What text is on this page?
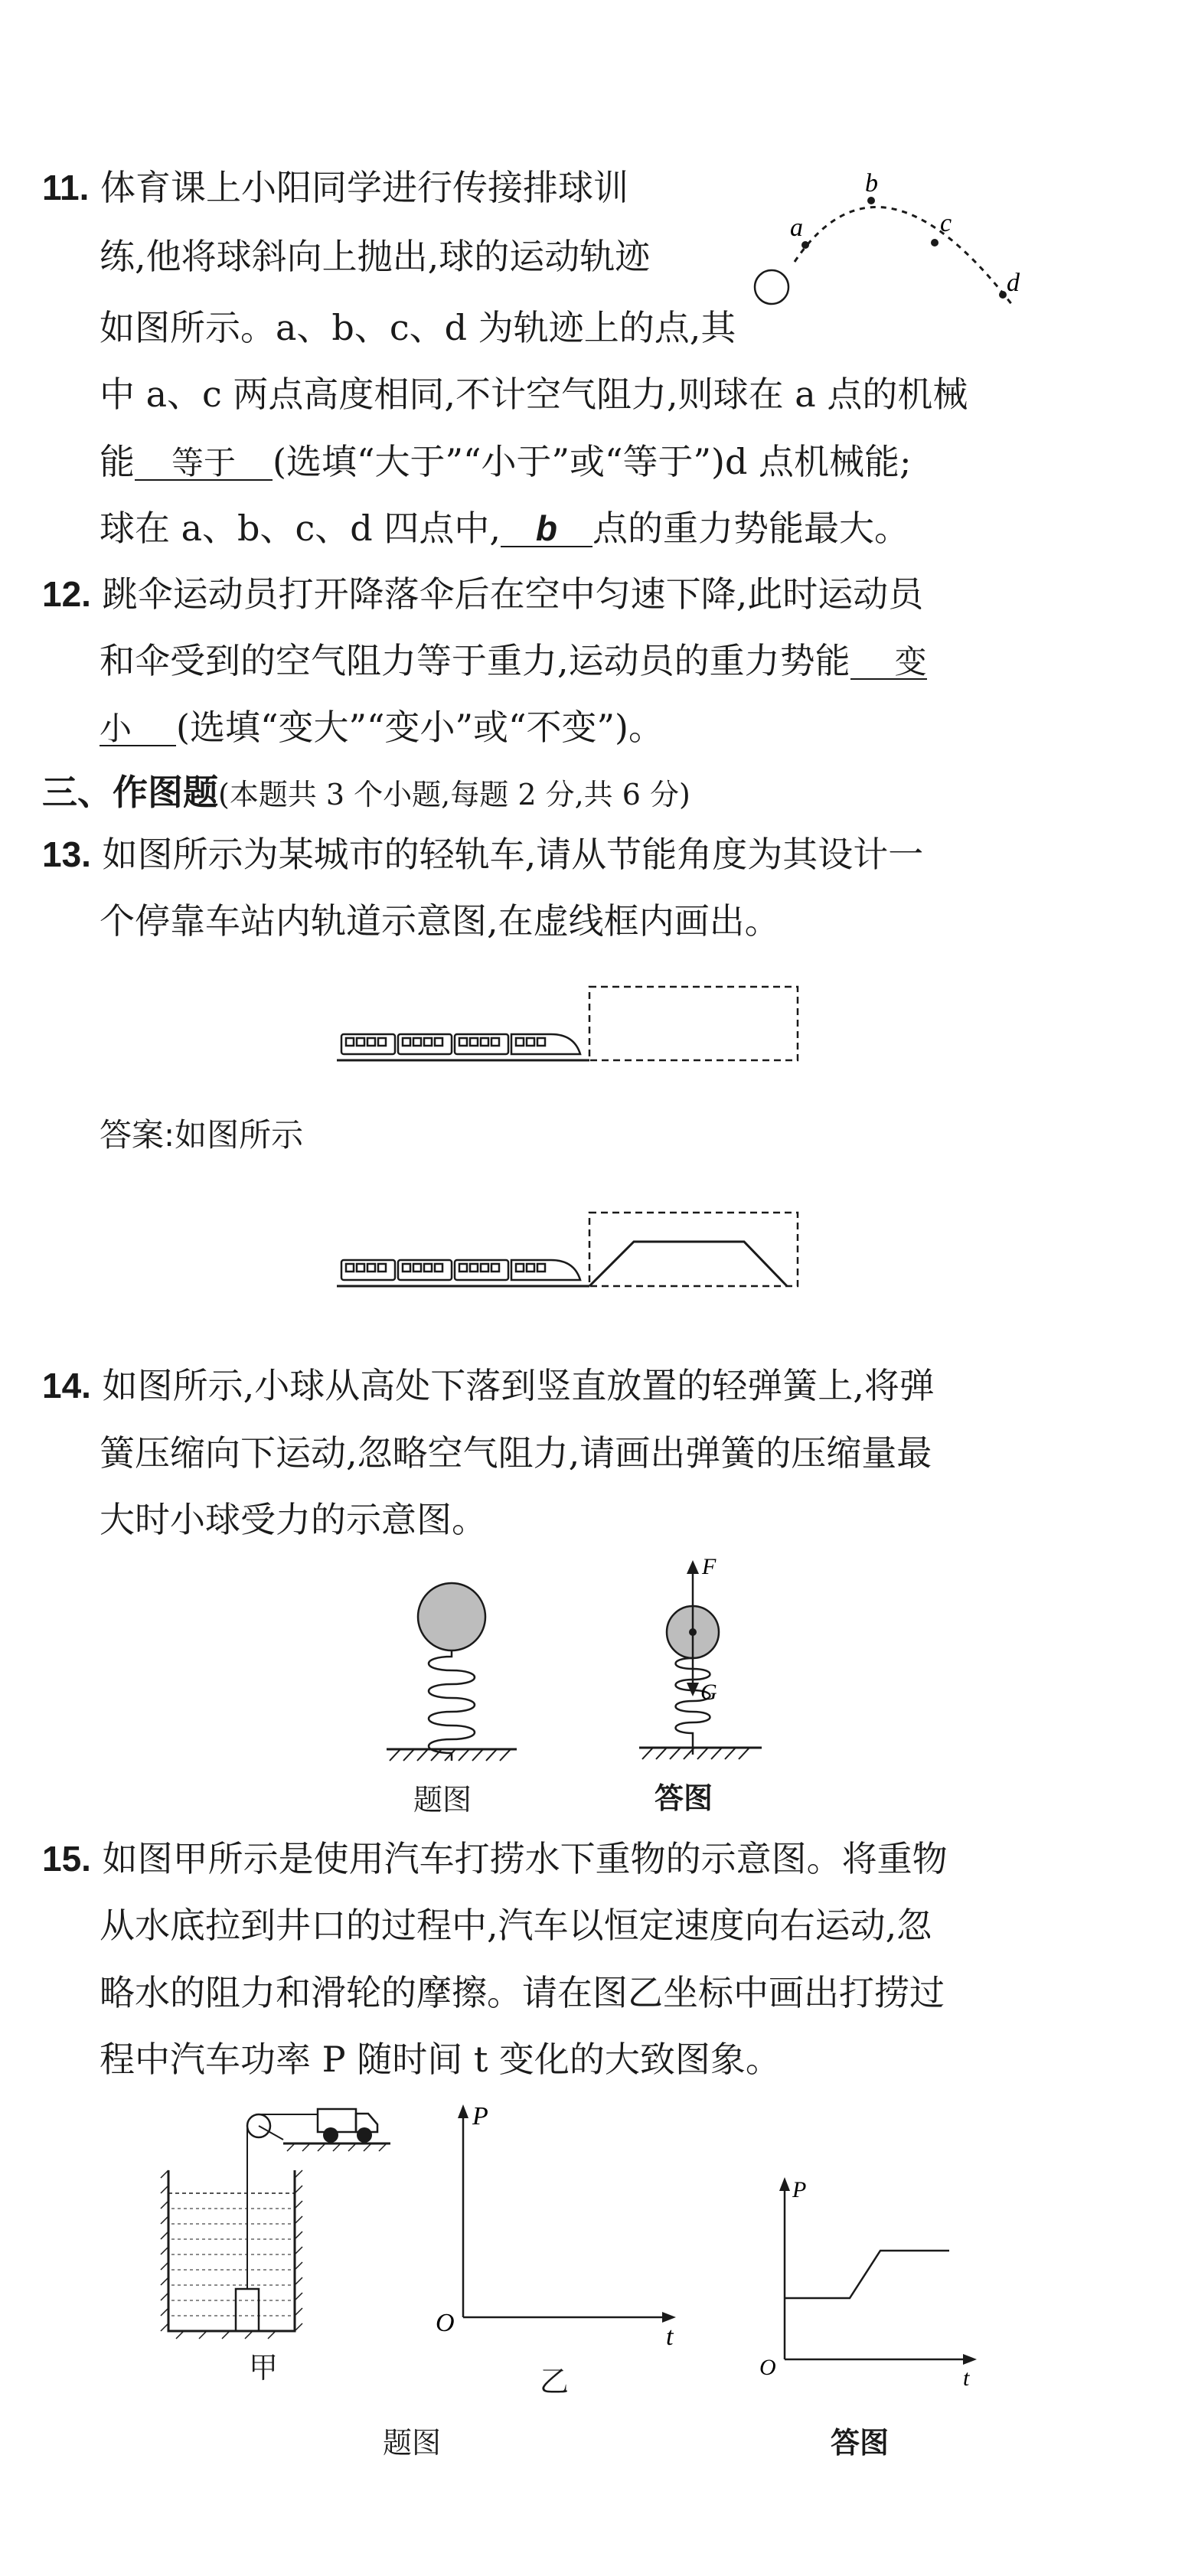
11. 体育课上小阳同学进行传接排球训
练,他将球斜向上抛出,球的运动轨迹
如图所示。a、b、c、d 为轨迹上的点,其
中 a、c 两点高度相同,不计空气阻力,则球在 a 点的机械
能 等于 (选填“大于”“小于”或“等于”)d 点机械能;
球在 a、b、c、d 四点中, b 点的重力势能最大。
a
b
c
d
12. 跳伞运动员打开降落伞后在空中匀速下降,此时运动员
和伞受到的空气阻力等于重力,运动员的重力势能 变
小 (选填“变大”“变小”或“不变”)。
三、作图题(本题共 3 个小题,每题 2 分,共 6 分)
13. 如图所示为某城市的轻轨车,请从节能角度为其设计一
个停靠车站内轨道示意图,在虚线框内画出。
答案:如图所示
14. 如图所示,小球从高处下落到竖直放置的轻弹簧上,将弹
簧压缩向下运动,忽略空气阻力,请画出弹簧的压缩量最
大时小球受力的示意图。
题图
F
G
答图
15. 如图甲所示是使用汽车打捞水下重物的示意图。将重物
从水底拉到井口的过程中,汽车以恒定速度向右运动,忽
略水的阻力和滑轮的摩擦。请在图乙坐标中画出打捞过
程中汽车功率 P 随时间 t 变化的大致图象。
甲
P
t
O
乙
题图
P
t
O
答图
